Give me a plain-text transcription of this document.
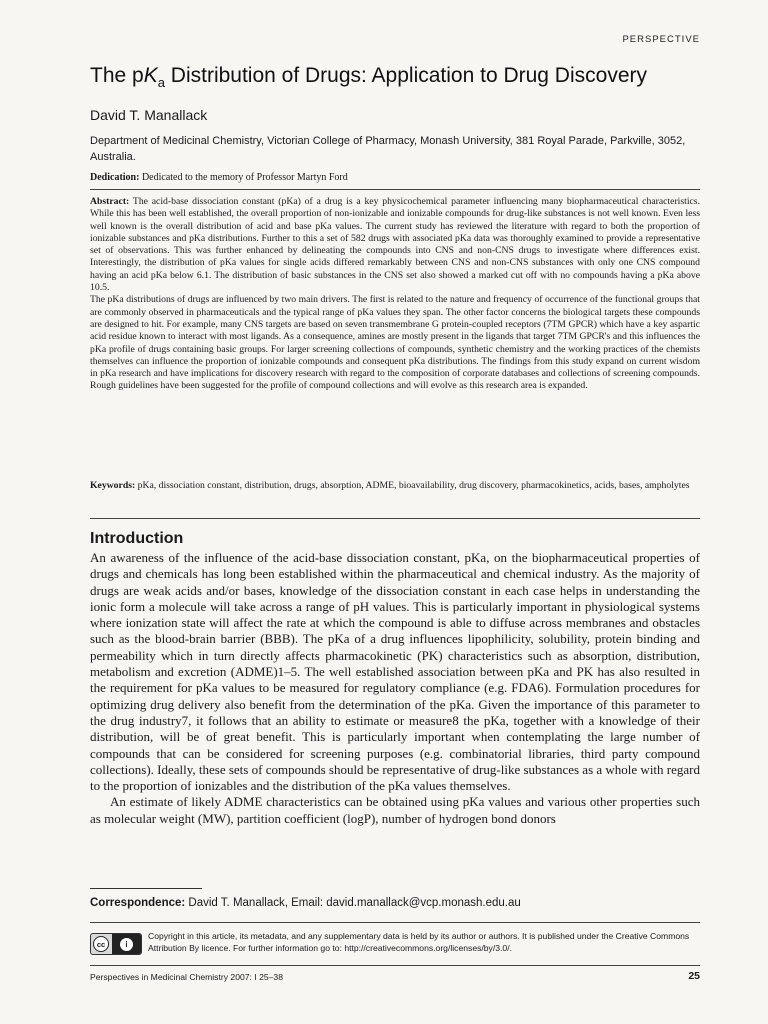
PERSPECTIVE
The $pK_a$ Distribution of Drugs: Application to Drug Discovery
David T. Manallack
Department of Medicinal Chemistry, Victorian College of Pharmacy, Monash University, 381 Royal Parade, Parkville, 3052, Australia.
Dedication: Dedicated to the memory of Professor Martyn Ford

Abstract: The acid-base dissociation constant (pKa) of a drug is a key physicochemical parameter influencing many biopharmaceutical characteristics. While this has been well established, the overall proportion of non-ionizable and ionizable compounds for drug-like substances is not well known. Even less well known is the overall distribution of acid and base pKa values. The current study has reviewed the literature with regard to both the proportion of ionizable substances and pKa distributions. Further to this a set of 582 drugs with associated pKa data was thoroughly examined to provide a representative set of observations. This was further enhanced by delineating the compounds into CNS and non-CNS drugs to investigate where differences exist. Interestingly, the distribution of pKa values for single acids differed remarkably between CNS and non-CNS substances with only one CNS compound having an acid pKa below 6.1. The distribution of basic substances in the CNS set also showed a marked cut off with no compounds having a pKa above 10.5.

The pKa distributions of drugs are influenced by two main drivers. The first is related to the nature and frequency of occurrence of the functional groups that are commonly observed in pharmaceuticals and the typical range of pKa values they span. The other factor concerns the biological targets these compounds are designed to hit. For example, many CNS targets are based on seven transmembrane G protein-coupled receptors (7TM GPCR) which have a key aspartic acid residue known to interact with most ligands. As a consequence, amines are mostly present in the ligands that target 7TM GPCR's and this influences the pKa profile of drugs containing basic groups. For larger screening collections of compounds, synthetic chemistry and the working practices of the chemists themselves can influence the proportion of ionizable compounds and consequent pKa distributions. The findings from this study expand on current wisdom in pKa research and have implications for discovery research with regard to the composition of corporate databases and collections of screening compounds. Rough guidelines have been suggested for the profile of compound collections and will evolve as this research area is expanded.

Keywords: pKa, dissociation constant, distribution, drugs, absorption, ADME, bioavailability, drug discovery, pharmacokinetics, acids, bases, ampholytes
Introduction

An awareness of the influence of the acid-base dissociation constant, pKa, on the biopharmaceutical properties of drugs and chemicals has long been established within the pharmaceutical and chemical industry. As the majority of drugs are weak acids and/or bases, knowledge of the dissociation constant in each case helps in understanding the ionic form a molecule will take across a range of pH values. This is particularly important in physiological systems where ionization state will affect the rate at which the compound is able to diffuse across membranes and obstacles such as the blood-brain barrier (BBB). The pKa of a drug influences lipophilicity, solubility, protein binding and permeability which in turn directly affects pharmacokinetic (PK) characteristics such as absorption, distribution, metabolism and excretion (ADME)1–5. The well established association between pKa and PK has also resulted in the requirement for pKa values to be measured for regulatory compliance (e.g. FDA6). Formulation procedures for optimizing drug delivery also benefit from the determination of the pKa. Given the importance of this parameter to the drug industry7, it follows that an ability to estimate or measure8 the pKa, together with a knowledge of their distribution, will be of great benefit. This is particularly important when contemplating the large number of compounds that can be considered for screening purposes (e.g. combinatorial libraries, third party compound collections). Ideally, these sets of compounds should be representative of drug-like substances as a whole with regard to the proportion of ionizables and the distribution of the pKa values themselves.

An estimate of likely ADME characteristics can be obtained using pKa values and various other properties such as molecular weight (MW), partition coefficient (logP), number of hydrogen bond donors

Correspondence: David T. Manallack, Email: david.manallack@vcp.monash.edu.au
cc	i
Copyright in this article, its metadata, and any supplementary data is held by its author or authors. It is published under the Creative Commons Attribution By licence. For further information go to: http://creativecommons.org/licenses/by/3.0/.
Perspectives in Medicinal Chemistry 2007: I 25–38	25
